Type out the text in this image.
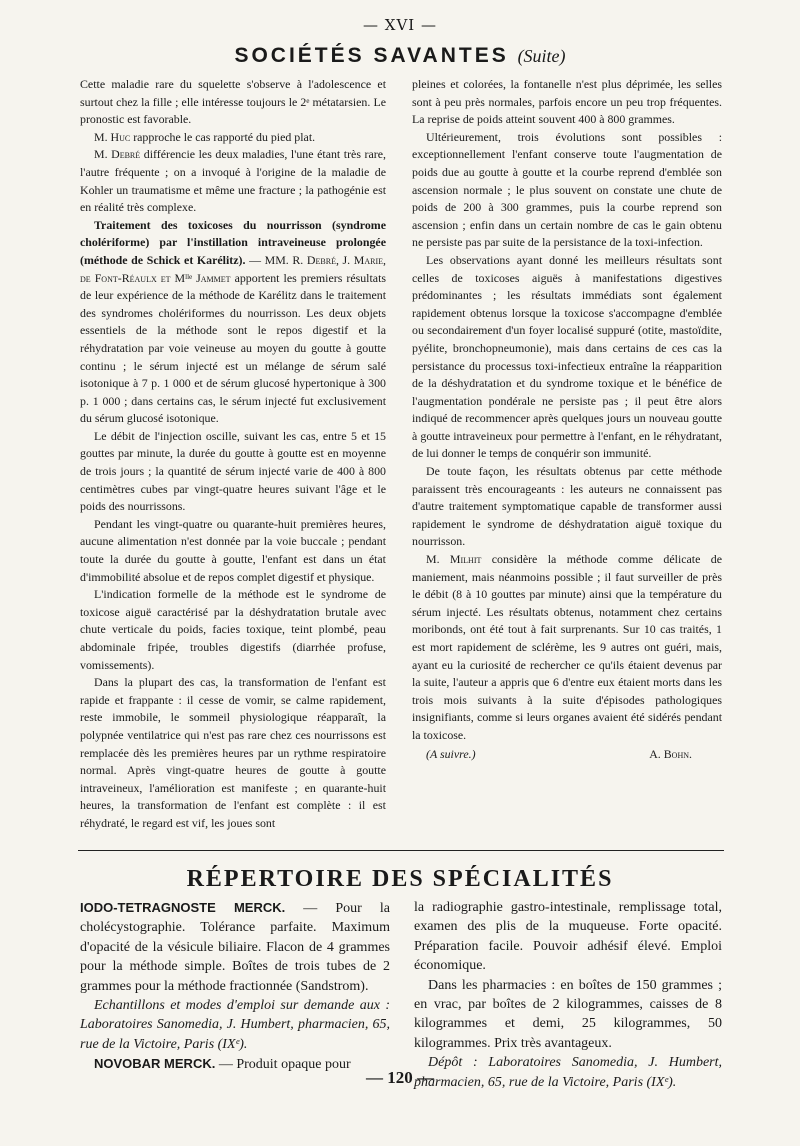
— XVI —
SOCIÉTÉS SAVANTES (Suite)

Cette maladie rare du squelette s'observe à l'adolescence et surtout chez la fille ; elle intéresse toujours le 2ᵉ métatarsien. Le pronostic est favorable.

M. Huc rapproche le cas rapporté du pied plat.

M. Debré différencie les deux maladies, l'une étant très rare, l'autre fréquente ; on a invoqué à l'origine de la maladie de Kohler un traumatisme et même une fracture ; la pathogénie est en réalité très complexe.

Traitement des toxicoses du nourrisson (syndrome cholériforme) par l'instillation intraveineuse prolongée (méthode de Schick et Karélitz). — MM. R. Debré, J. Marie, de Font-Réaulx et Mˡˡᵉ Jammet apportent les premiers résultats de leur expérience de la méthode de Karélitz dans le traitement des syndromes cholériformes du nourrisson. Les deux objets essentiels de la méthode sont le repos digestif et la réhydratation par voie veineuse au moyen du goutte à goutte continu ; le sérum injecté est un mélange de sérum salé isotonique à 7 p. 1 000 et de sérum glucosé hypertonique à 300 p. 1 000 ; dans certains cas, le sérum injecté fut exclusivement du sérum glucosé isotonique.

Le débit de l'injection oscille, suivant les cas, entre 5 et 15 gouttes par minute, la durée du goutte à goutte est en moyenne de trois jours ; la quantité de sérum injecté varie de 400 à 800 centimètres cubes par vingt-quatre heures suivant l'âge et le poids des nourrissons.

Pendant les vingt-quatre ou quarante-huit premières heures, aucune alimentation n'est donnée par la voie buccale ; pendant toute la durée du goutte à goutte, l'enfant est dans un état d'immobilité absolue et de repos complet digestif et physique.

L'indication formelle de la méthode est le syndrome de toxicose aiguë caractérisé par la déshydratation brutale avec chute verticale du poids, facies toxique, teint plombé, peau abdominale fripée, troubles digestifs (diarrhée profuse, vomissements).

Dans la plupart des cas, la transformation de l'enfant est rapide et frappante : il cesse de vomir, se calme rapidement, reste immobile, le sommeil physiologique réapparaît, la polypnée ventilatrice qui n'est pas rare chez ces nourrissons est remplacée dès les premières heures par un rythme respiratoire normal. Après vingt-quatre heures de goutte à goutte intraveineux, l'amélioration est manifeste ; en quarante-huit heures, la transformation de l'enfant est complète : il est réhydraté, le regard est vif, les joues sont

pleines et colorées, la fontanelle n'est plus déprimée, les selles sont à peu près normales, parfois encore un peu trop fréquentes. La reprise de poids atteint souvent 400 à 800 grammes.

Ultérieurement, trois évolutions sont possibles : exceptionnellement l'enfant conserve toute l'augmentation de poids due au goutte à goutte et la courbe reprend d'emblée son ascension normale ; le plus souvent on constate une chute de poids de 200 à 300 grammes, puis la courbe reprend son ascension ; enfin dans un certain nombre de cas le gain obtenu ne persiste pas par suite de la persistance de la toxi-infection.

Les observations ayant donné les meilleurs résultats sont celles de toxicoses aiguës à manifestations digestives prédominantes ; les résultats immédiats sont également rapidement obtenus lorsque la toxicose s'accompagne d'emblée ou secondairement d'un foyer localisé suppuré (otite, mastoïdite, pyélite, bronchopneumonie), mais dans certains de ces cas la persistance du processus toxi-infectieux entraîne la réapparition de la déshydratation et du syndrome toxique et le bénéfice de l'augmentation pondérale ne persiste pas ; il peut être alors indiqué de recommencer après quelques jours un nouveau goutte à goutte intraveineux pour permettre à l'enfant, en le réhydratant, de lui donner le temps de conquérir son immunité.

De toute façon, les résultats obtenus par cette méthode paraissent très encourageants : les auteurs ne connaissent pas d'autre traitement symptomatique capable de transformer aussi rapidement le syndrome de déshydratation aiguë toxique du nourrisson.

M. Milhit considère la méthode comme délicate de maniement, mais néanmoins possible ; il faut surveiller de près le débit (8 à 10 gouttes par minute) ainsi que la température du sérum injecté. Les résultats obtenus, notamment chez certains moribonds, ont été tout à fait surprenants. Sur 10 cas traités, 1 est mort rapidement de sclérème, les 9 autres ont guéri, mais, ayant eu la curiosité de rechercher ce qu'ils étaient devenus par la suite, l'auteur a appris que 6 d'entre eux étaient morts dans les trois mois suivants à la suite d'épisodes pathologiques insignifiants, comme si leurs organes avaient été sidérés pendant la toxicose.

(A suivre.)	A. Bohn.
RÉPERTOIRE DES SPÉCIALITÉS

IODO-TETRAGNOSTE MERCK. — Pour la cholécystographie. Tolérance parfaite. Maximum d'opacité de la vésicule biliaire. Flacon de 4 grammes pour la méthode simple. Boîtes de trois tubes de 2 grammes pour la méthode fractionnée (Sandstrom).

Echantillons et modes d'emploi sur demande aux : Laboratoires Sanomedia, J. Humbert, pharmacien, 65, rue de la Victoire, Paris (IXᵉ).

NOVOBAR MERCK. — Produit opaque pour

la radiographie gastro-intestinale, remplissage total, examen des plis de la muqueuse. Forte opacité. Préparation facile. Pouvoir adhésif élevé. Emploi économique.

Dans les pharmacies : en boîtes de 150 grammes ; en vrac, par boîtes de 2 kilogrammes, caisses de 8 kilogrammes et demi, 25 kilogrammes, 50 kilogrammes. Prix très avantageux.

Dépôt : Laboratoires Sanomedia, J. Humbert, pharmacien, 65, rue de la Victoire, Paris (IXᵉ).

— 120 —
